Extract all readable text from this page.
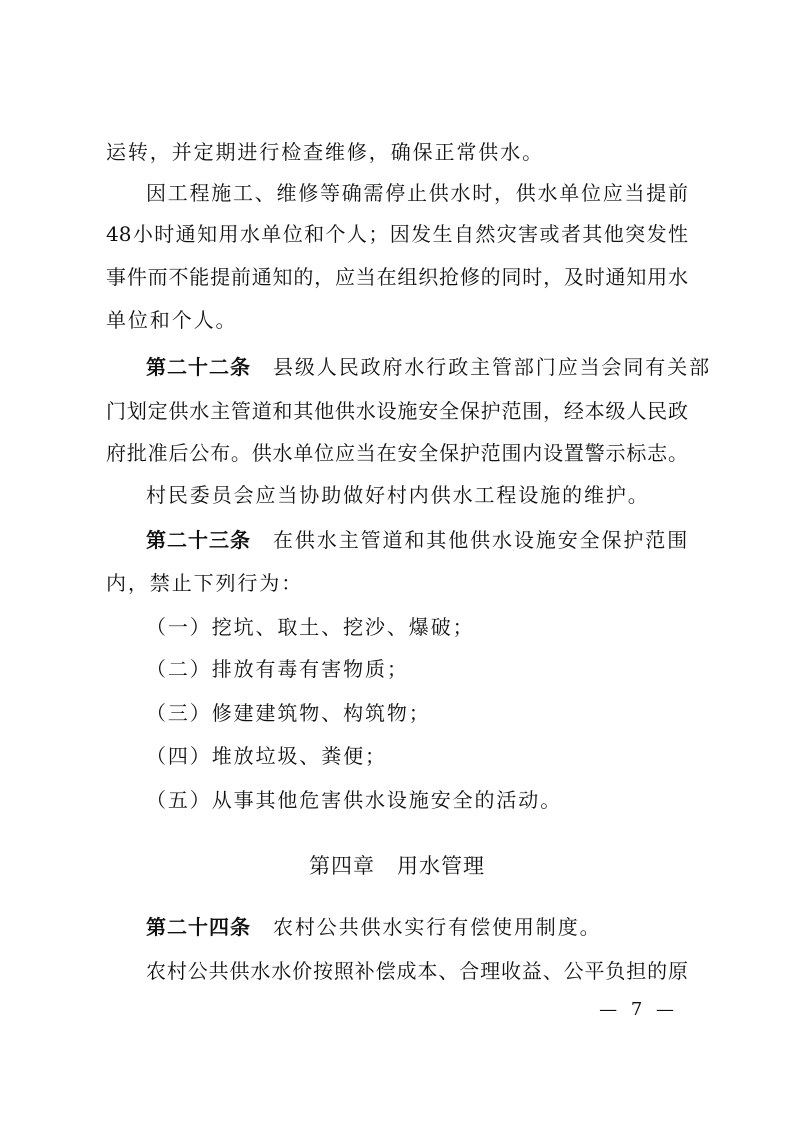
运转，并定期进行检查维修，确保正常供水。
因工程施工、维修等确需停止供水时，供水单位应当提前
48小时通知用水单位和个人；因发生自然灾害或者其他突发性
事件而不能提前通知的，应当在组织抢修的同时，及时通知用水
单位和个人。
第二十二条 县级人民政府水行政主管部门应当会同有关部
门划定供水主管道和其他供水设施安全保护范围，经本级人民政
府批准后公布。供水单位应当在安全保护范围内设置警示标志。
村民委员会应当协助做好村内供水工程设施的维护。
第二十三条 在供水主管道和其他供水设施安全保护范围
内，禁止下列行为：
（一）挖坑、取土、挖沙、爆破；
（二）排放有毒有害物质；
（三）修建建筑物、构筑物；
（四）堆放垃圾、粪便；
（五）从事其他危害供水设施安全的活动。
第四章　用水管理
第二十四条 农村公共供水实行有偿使用制度。
农村公共供水水价按照补偿成本、合理收益、公平负担的原
— 7 —
